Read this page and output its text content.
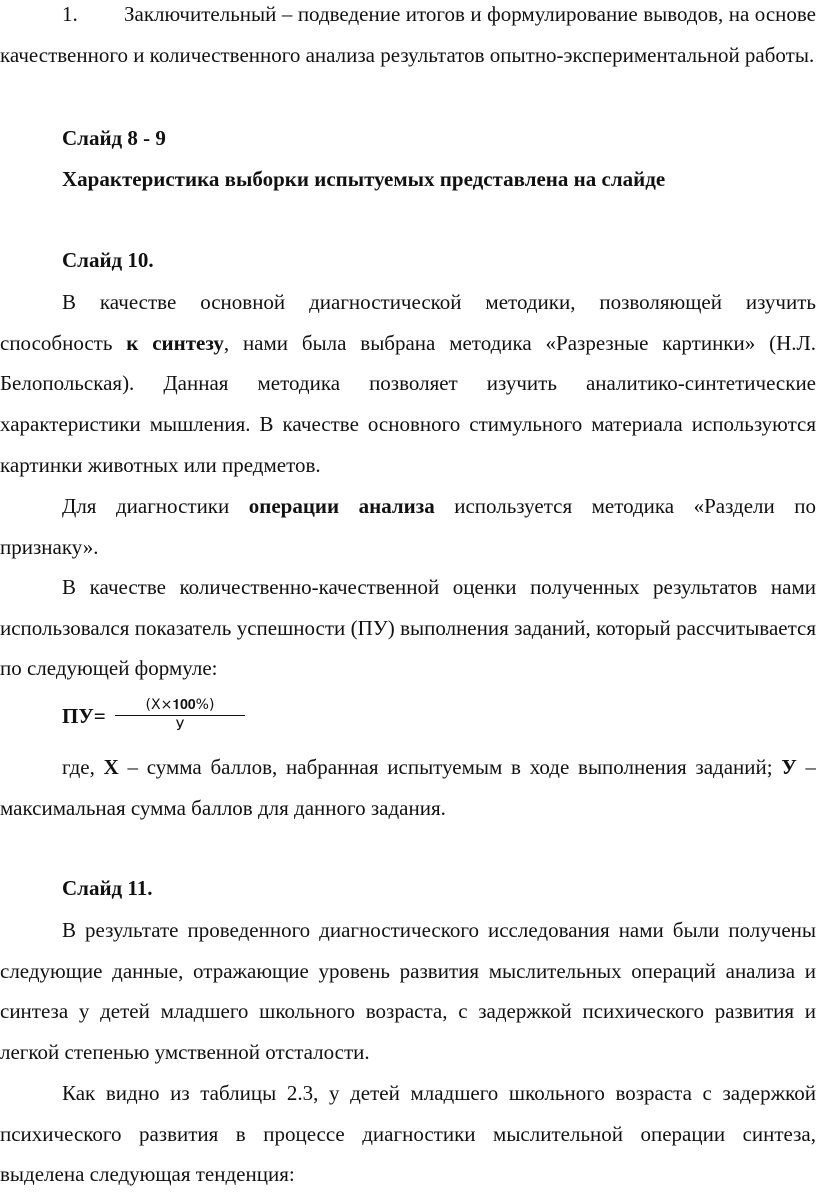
1. Заключительный – подведение итогов и формулирование выводов, на основе качественного и количественного анализа результатов опытно-экспериментальной работы.

Слайд 8 - 9

Характеристика выборки испытуемых представлена на слайде

Слайд 10.

В качестве основной диагностической методики, позволяющей изучить способность к синтезу, нами была выбрана методика «Разрезные картинки» (Н.Л. Белопольская). Данная методика позволяет изучить аналитико-синтетические характеристики мышления. В качестве основного стимульного материала используются картинки животных или предметов.

Для диагностики операции анализа используется методика «Раздели по признаку».

В качестве количественно-качественной оценки полученных результатов нами использовался показатель успешности (ПУ) выполнения заданий, который рассчитывается по следующей формуле:

ПУ=	(Х×𝟏𝟎𝟎%)
У

где, Х – сумма баллов, набранная испытуемым в ходе выполнения заданий; У – максимальная сумма баллов для данного задания.

Слайд 11.

В результате проведенного диагностического исследования нами были получены следующие данные, отражающие уровень развития мыслительных операций анализа и синтеза у детей младшего школьного возраста, с задержкой психического развития и легкой степенью умственной отсталости.

Как видно из таблицы 2.3, у детей младшего школьного возраста с задержкой психического развития в процессе диагностики мыслительной операции синтеза, выделена следующая тенденция:
